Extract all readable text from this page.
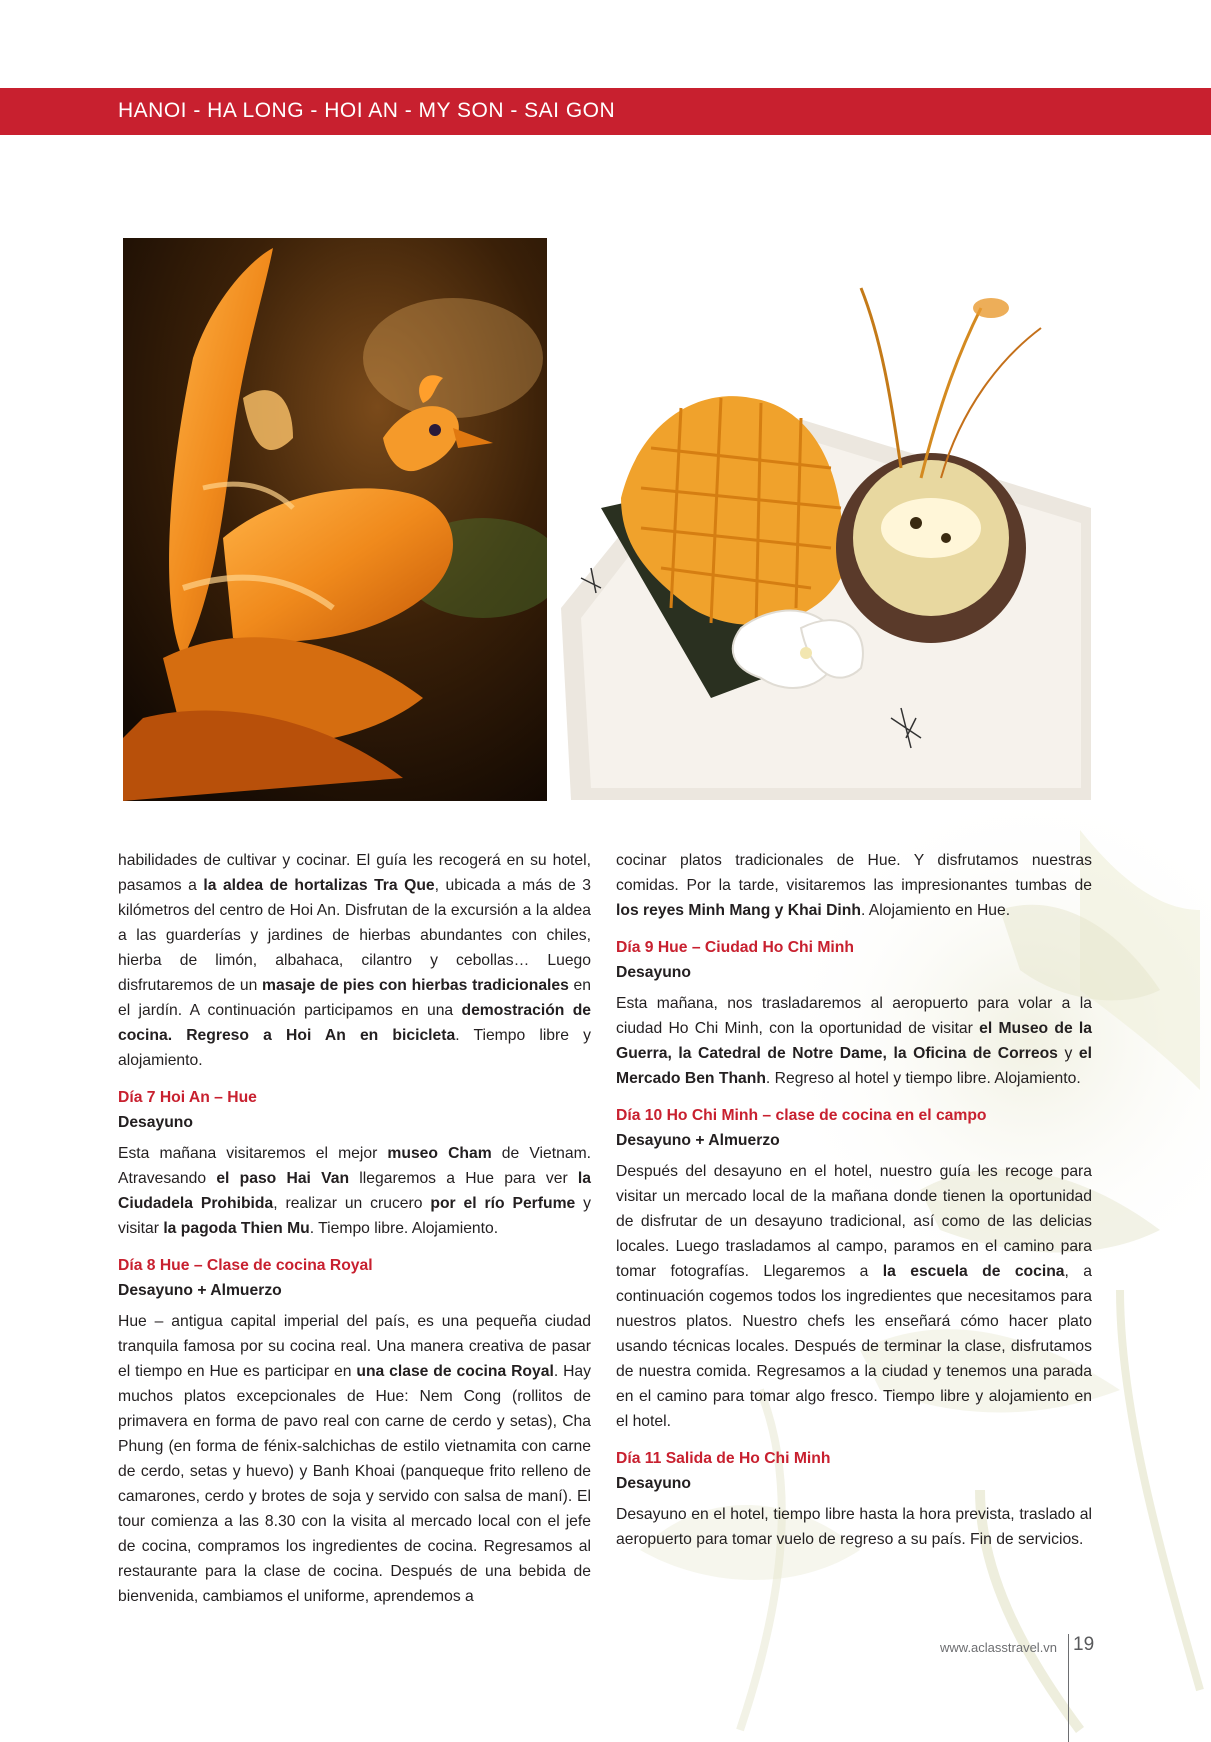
HANOI - HA LONG - HOI AN - MY SON - SAI GON

habilidades de cultivar y cocinar. El guía les recogerá en su hotel, pasamos a la aldea de hortalizas Tra Que, ubicada a más de 3 kilómetros del centro de Hoi An. Disfrutan de la excursión a la aldea a las guarderías y jardines de hierbas abundantes con chiles, hierba de limón, albahaca, cilantro y cebollas… Luego disfrutaremos de un masaje de pies con hierbas tradicionales en el jardín. A continuación participamos en una demostración de cocina. Regreso a Hoi An en bicicleta. Tiempo libre y alojamiento.

Día 7 Hoi An – Hue

Desayuno

Esta mañana visitaremos el mejor museo Cham de Vietnam. Atravesando el paso Hai Van llegaremos a Hue para ver la Ciudadela Prohibida, realizar un crucero por el río Perfume y visitar la pagoda Thien Mu. Tiempo libre. Alojamiento.

Día 8 Hue – Clase de cocina Royal

Desayuno + Almuerzo

Hue – antigua capital imperial del país, es una pequeña ciudad tranquila famosa por su cocina real. Una manera creativa de pasar el tiempo en Hue es participar en una clase de cocina Royal. Hay muchos platos excepcionales de Hue: Nem Cong (rollitos de primavera en forma de pavo real con carne de cerdo y setas), Cha Phung (en forma de fénix-salchichas de estilo vietnamita con carne de cerdo, setas y huevo) y Banh Khoai (panqueque frito relleno de camarones, cerdo y brotes de soja y servido con salsa de maní). El tour comienza a las 8.30 con la visita al mercado local con el jefe de cocina, compramos los ingredientes de cocina. Regresamos al restaurante para la clase de cocina. Después de una bebida de bienvenida, cambiamos el uniforme, aprendemos a

cocinar platos tradicionales de Hue. Y disfrutamos nuestras comidas. Por la tarde, visitaremos las impresionantes tumbas de los reyes Minh Mang y Khai Dinh. Alojamiento en Hue.

Día 9 Hue – Ciudad Ho Chi Minh

Desayuno

Esta mañana, nos trasladaremos al aeropuerto para volar a la ciudad Ho Chi Minh, con la oportunidad de visitar el Museo de la Guerra, la Catedral de Notre Dame, la Oficina de Correos y el Mercado Ben Thanh. Regreso al hotel y tiempo libre. Alojamiento.

Día 10 Ho Chi Minh – clase de cocina en el campo

Desayuno + Almuerzo

Después del desayuno en el hotel, nuestro guía les recoge para visitar un mercado local de la mañana donde tienen la oportunidad de disfrutar de un desayuno tradicional, así como de las delicias locales. Luego trasladamos al campo, paramos en el camino para tomar fotografías. Llegaremos a la escuela de cocina, a continuación cogemos todos los ingredientes que necesitamos para nuestros platos. Nuestro chefs les enseñará cómo hacer plato usando técnicas locales. Después de terminar la clase, disfrutamos de nuestra comida. Regresamos a la ciudad y tenemos una parada en el camino para tomar algo fresco. Tiempo libre y alojamiento en el hotel.

Día 11 Salida de Ho Chi Minh

Desayuno

Desayuno en el hotel, tiempo libre hasta la hora prevista, traslado al aeropuerto para tomar vuelo de regreso a su país. Fin de servicios.

www.aclasstravel.vn 19
